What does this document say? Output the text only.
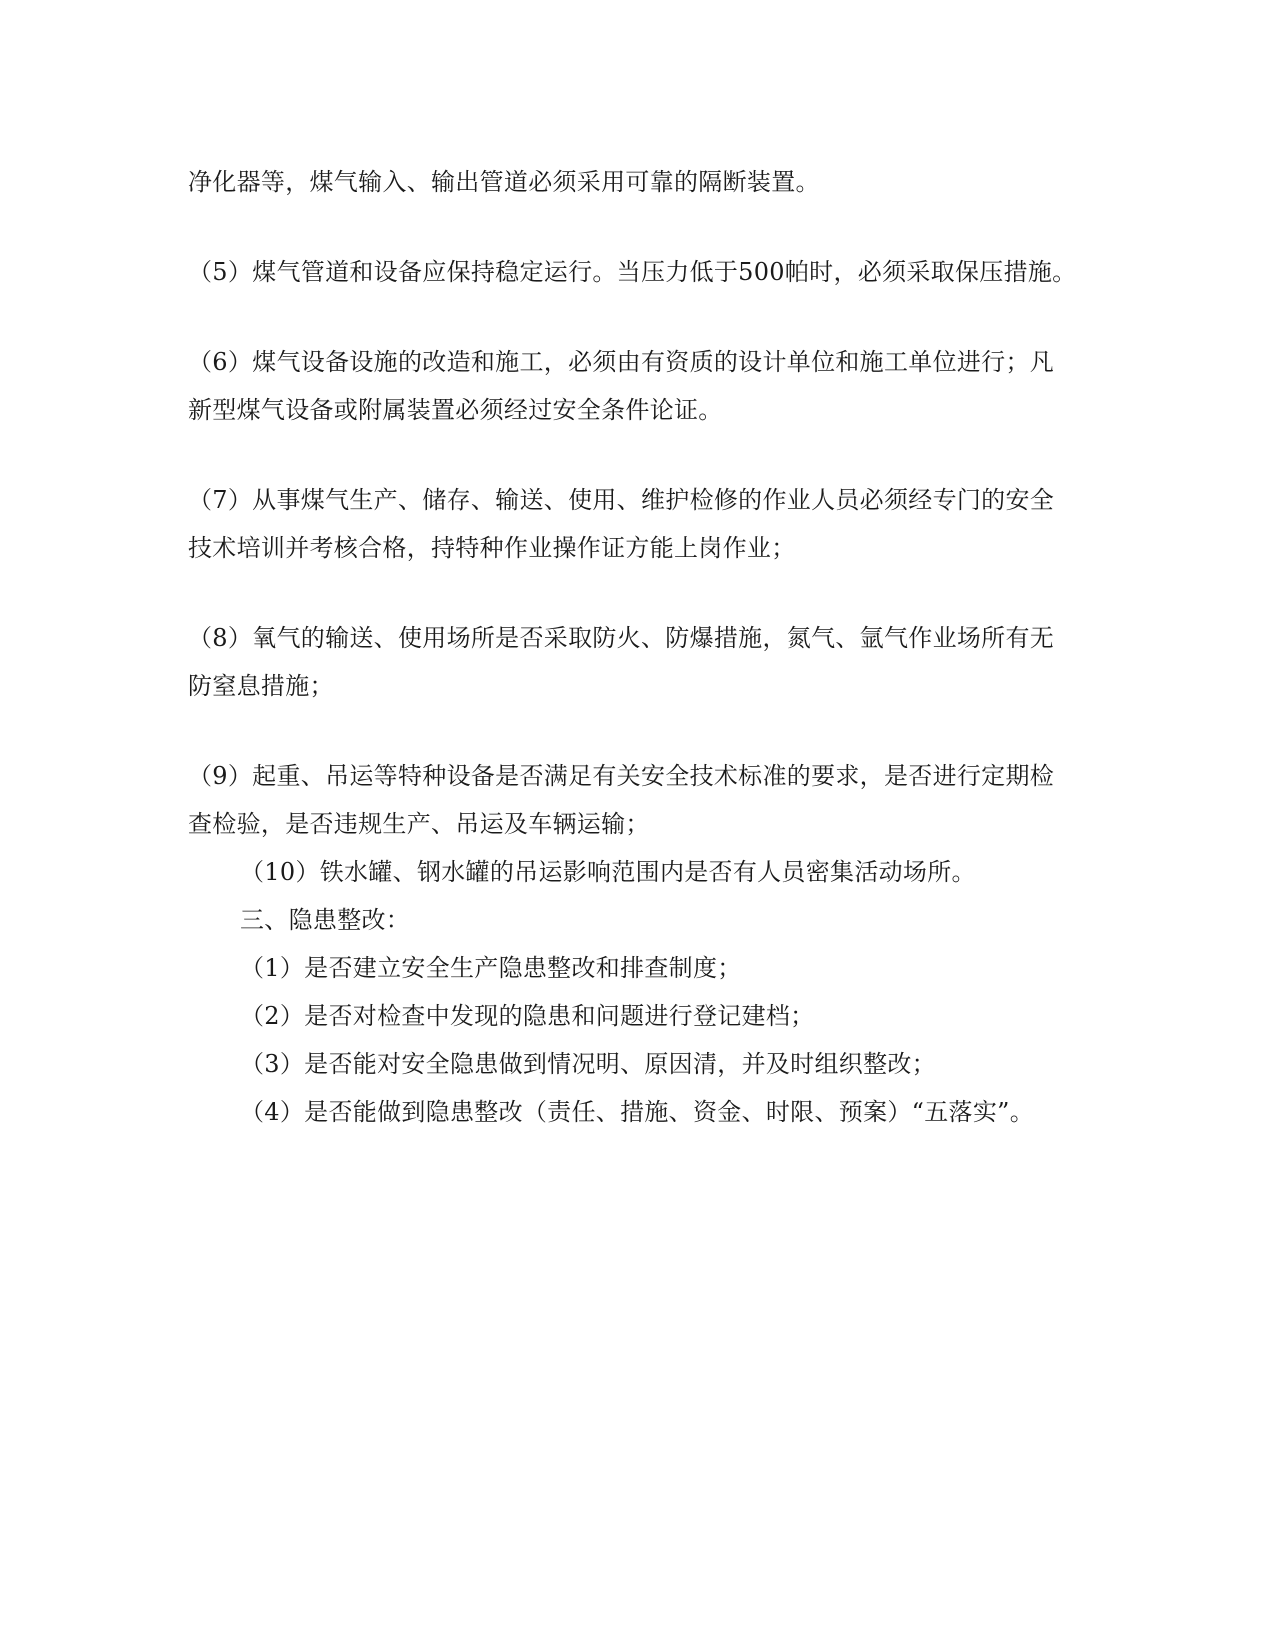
净化器等，煤气输入、输出管道必须采用可靠的隔断装置。
（5）煤气管道和设备应保持稳定运行。当压力低于500帕时，必须采取保压措施。
（6）煤气设备设施的改造和施工，必须由有资质的设计单位和施工单位进行；凡
新型煤气设备或附属装置必须经过安全条件论证。
（7）从事煤气生产、储存、输送、使用、维护检修的作业人员必须经专门的安全
技术培训并考核合格，持特种作业操作证方能上岗作业；
（8）氧气的输送、使用场所是否采取防火、防爆措施，氮气、氩气作业场所有无
防窒息措施；
（9）起重、吊运等特种设备是否满足有关安全技术标准的要求，是否进行定期检
查检验，是否违规生产、吊运及车辆运输；
（10）铁水罐、钢水罐的吊运影响范围内是否有人员密集活动场所。
三、隐患整改：
（1）是否建立安全生产隐患整改和排查制度；
（2）是否对检查中发现的隐患和问题进行登记建档；
（3）是否能对安全隐患做到情况明、原因清，并及时组织整改；
（4）是否能做到隐患整改（责任、措施、资金、时限、预案）“五落实”。
